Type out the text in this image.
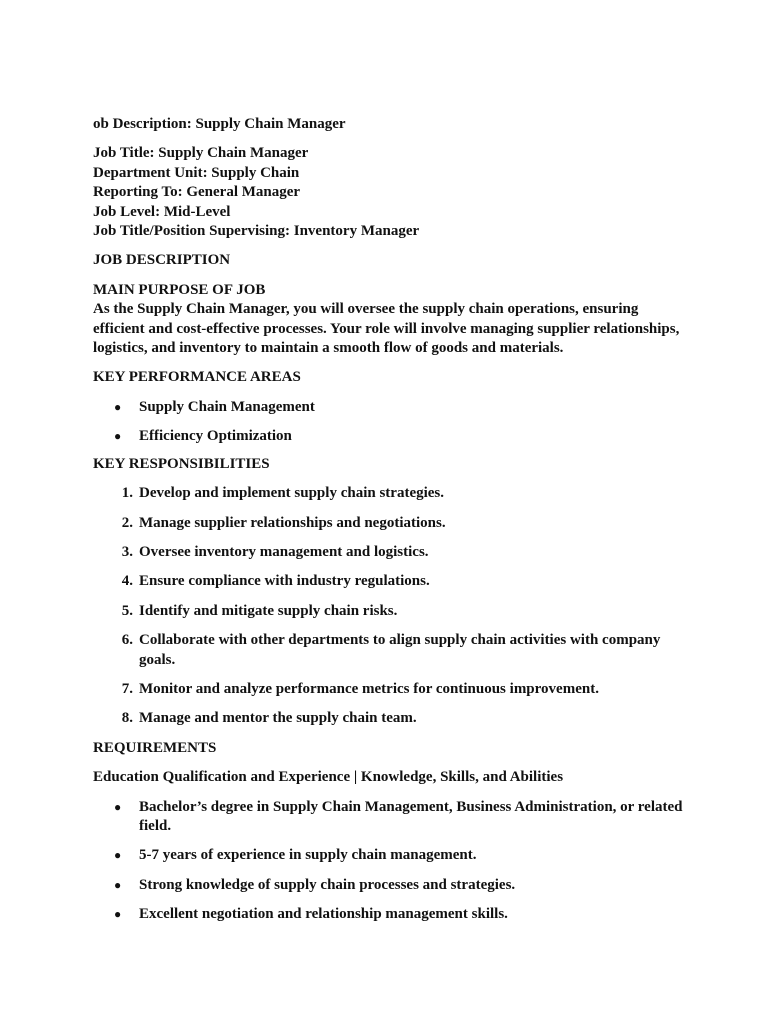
ob Description: Supply Chain Manager

Job Title: Supply Chain Manager

Department Unit: Supply Chain

Reporting To: General Manager

Job Level: Mid-Level

Job Title/Position Supervising: Inventory Manager

JOB DESCRIPTION

MAIN PURPOSE OF JOB

As the Supply Chain Manager, you will oversee the supply chain operations, ensuring efficient and cost-effective processes. Your role will involve managing supplier relationships, logistics, and inventory to maintain a smooth flow of goods and materials.

KEY PERFORMANCE AREAS

● Supply Chain Management
● Efficiency Optimization

KEY RESPONSIBILITIES

1. Develop and implement supply chain strategies.
2. Manage supplier relationships and negotiations.
3. Oversee inventory management and logistics.
4. Ensure compliance with industry regulations.
5. Identify and mitigate supply chain risks.
6. Collaborate with other departments to align supply chain activities with company goals.
7. Monitor and analyze performance metrics for continuous improvement.
8. Manage and mentor the supply chain team.

REQUIREMENTS

Education Qualification and Experience | Knowledge, Skills, and Abilities

● Bachelor’s degree in Supply Chain Management, Business Administration, or related field.
● 5-7 years of experience in supply chain management.
● Strong knowledge of supply chain processes and strategies.
● Excellent negotiation and relationship management skills.
